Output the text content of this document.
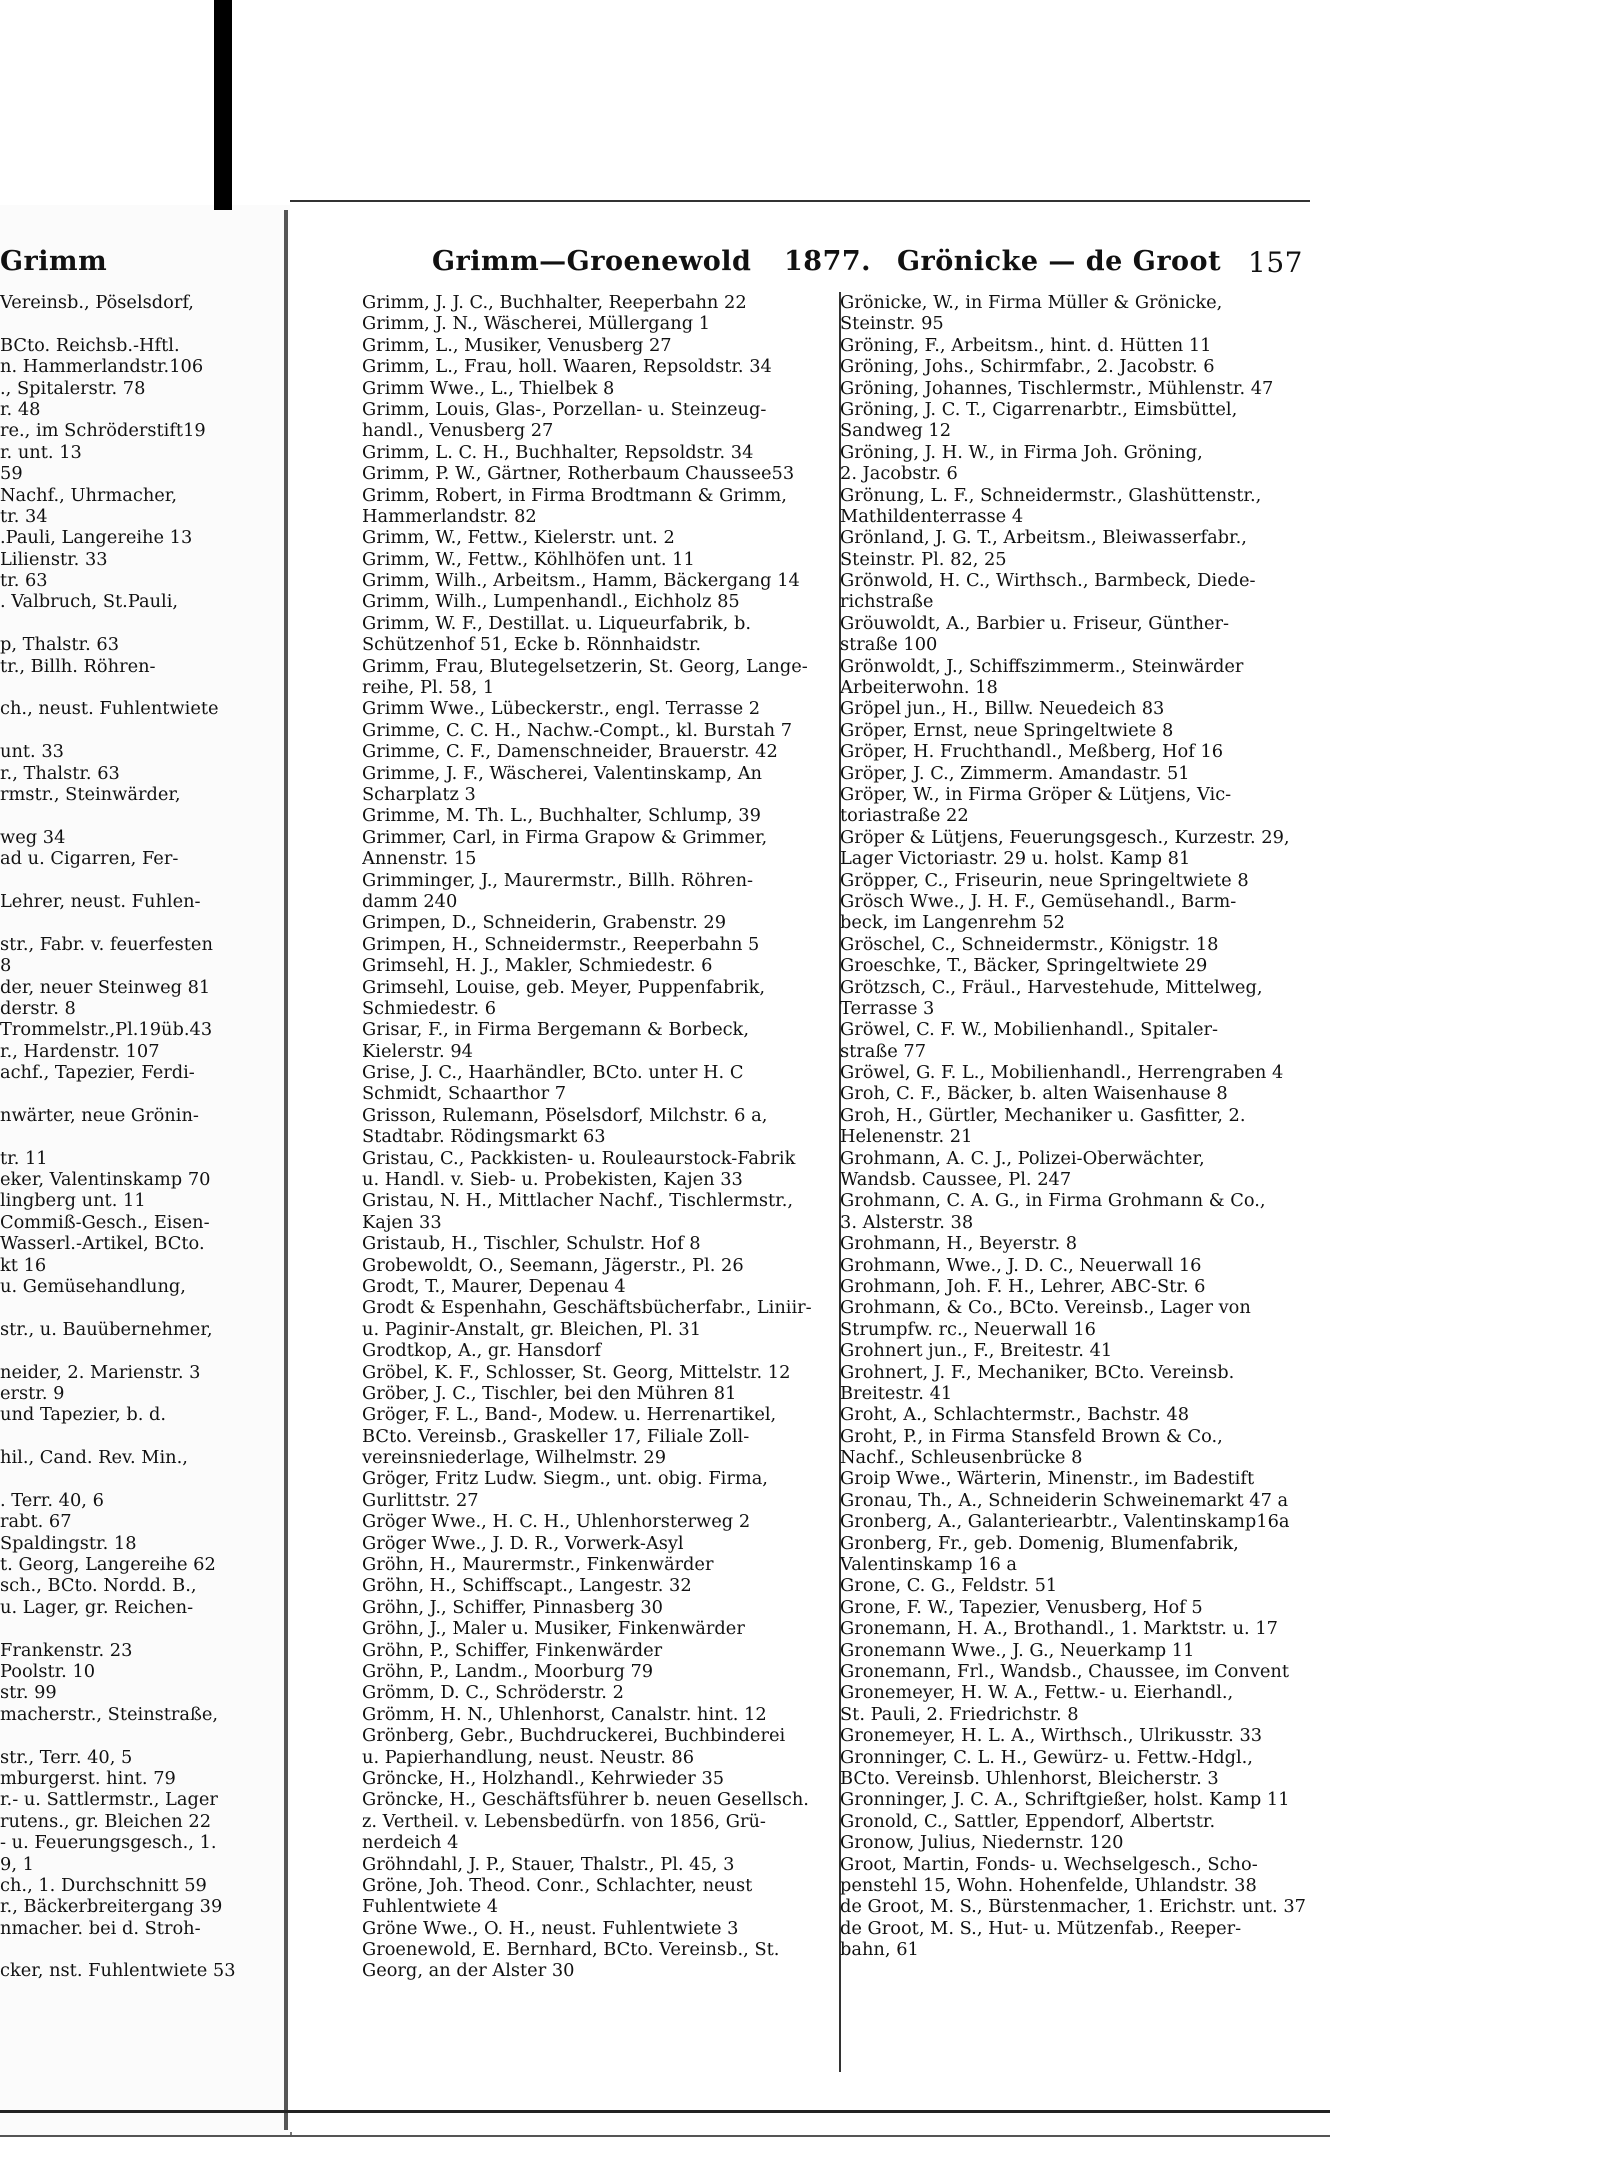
Grimm	Grimm—Groenewold 1877. Grönicke — de Groot 157
Vereinsb., Pöselsdorf,
BCto. Reichsb.-Hftl.
n. Hammerlandstr.106
., Spitalerstr. 78
r. 48
re., im Schröderstift19
r. unt. 13
59
Nachf., Uhrmacher,
tr. 34
.Pauli, Langereihe 13
Lilienstr. 33
tr. 63
. Valbruch, St.Pauli,
p, Thalstr. 63
tr., Billh. Röhren-
ch., neust. Fuhlentwiete
unt. 33
r., Thalstr. 63
rmstr., Steinwärder,
weg 34
ad u. Cigarren, Fer-
Lehrer, neust. Fuhlen-
str., Fabr. v. feuerfesten
8
der, neuer Steinweg 81
derstr. 8
Trommelstr.,Pl.19üb.43
r., Hardenstr. 107
achf., Tapezier, Ferdi-
nwärter, neue Grönin-
tr. 11
eker, Valentinskamp 70
lingberg unt. 11
Commiß-Gesch., Eisen-
Wasserl.-Artikel, BCto.
kt 16
u. Gemüsehandlung,
str., u. Bauübernehmer,
neider, 2. Marienstr. 3
erstr. 9
und Tapezier, b. d.
hil., Cand. Rev. Min.,
. Terr. 40, 6
rabt. 67
Spaldingstr. 18
t. Georg, Langereihe 62
sch., BCto. Nordd. B.,
u. Lager, gr. Reichen-
Frankenstr. 23
Poolstr. 10
str. 99
macherstr., Steinstraße,
str., Terr. 40, 5
mburgerst. hint. 79
r.- u. Sattlermstr., Lager
rutens., gr. Bleichen 22
- u. Feuerungsgesch., 1.
9, 1
ch., 1. Durchschnitt 59
r., Bäckerbreitergang 39
nmacher. bei d. Stroh-
cker, nst. Fuhlentwiete 53
Grimm, J. J. C., Buchhalter, Reeperbahn 22
Grimm, J. N., Wäscherei, Müllergang 1
Grimm, L., Musiker, Venusberg 27
Grimm, L., Frau, holl. Waaren, Repsoldstr. 34
Grimm Wwe., L., Thielbek 8
Grimm, Louis, Glas-, Porzellan- u. Steinzeug-
handl., Venusberg 27
Grimm, L. C. H., Buchhalter, Repsoldstr. 34
Grimm, P. W., Gärtner, Rotherbaum Chaussee53
Grimm, Robert, in Firma Brodtmann & Grimm,
Hammerlandstr. 82
Grimm, W., Fettw., Kielerstr. unt. 2
Grimm, W., Fettw., Köhlhöfen unt. 11
Grimm, Wilh., Arbeitsm., Hamm, Bäckergang 14
Grimm, Wilh., Lumpenhandl., Eichholz 85
Grimm, W. F., Destillat. u. Liqueurfabrik, b.
Schützenhof 51, Ecke b. Rönnhaidstr.
Grimm, Frau, Blutegelsetzerin, St. Georg, Lange-
reihe, Pl. 58, 1
Grimm Wwe., Lübeckerstr., engl. Terrasse 2
Grimme, C. C. H., Nachw.-Compt., kl. Burstah 7
Grimme, C. F., Damenschneider, Brauerstr. 42
Grimme, J. F., Wäscherei, Valentinskamp, An
Scharplatz 3
Grimme, M. Th. L., Buchhalter, Schlump, 39
Grimmer, Carl, in Firma Grapow & Grimmer,
Annenstr. 15
Grimminger, J., Maurermstr., Billh. Röhren-
damm 240
Grimpen, D., Schneiderin, Grabenstr. 29
Grimpen, H., Schneidermstr., Reeperbahn 5
Grimsehl, H. J., Makler, Schmiedestr. 6
Grimsehl, Louise, geb. Meyer, Puppenfabrik,
Schmiedestr. 6
Grisar, F., in Firma Bergemann & Borbeck,
Kielerstr. 94
Grise, J. C., Haarhändler, BCto. unter H. C
Schmidt, Schaarthor 7
Grisson, Rulemann, Pöselsdorf, Milchstr. 6 a,
Stadtabr. Rödingsmarkt 63
Gristau, C., Packkisten- u. Rouleaurstock-Fabrik
u. Handl. v. Sieb- u. Probekisten, Kajen 33
Gristau, N. H., Mittlacher Nachf., Tischlermstr.,
Kajen 33
Gristaub, H., Tischler, Schulstr. Hof 8
Grobewoldt, O., Seemann, Jägerstr., Pl. 26
Grodt, T., Maurer, Depenau 4
Grodt & Espenhahn, Geschäftsbücherfabr., Liniir-
u. Paginir-Anstalt, gr. Bleichen, Pl. 31
Grodtkop, A., gr. Hansdorf
Gröbel, K. F., Schlosser, St. Georg, Mittelstr. 12
Gröber, J. C., Tischler, bei den Mühren 81
Gröger, F. L., Band-, Modew. u. Herrenartikel,
BCto. Vereinsb., Graskeller 17, Filiale Zoll-
vereinsniederlage, Wilhelmstr. 29
Gröger, Fritz Ludw. Siegm., unt. obig. Firma,
Gurlittstr. 27
Gröger Wwe., H. C. H., Uhlenhorsterweg 2
Gröger Wwe., J. D. R., Vorwerk-Asyl
Gröhn, H., Maurermstr., Finkenwärder
Gröhn, H., Schiffscapt., Langestr. 32
Gröhn, J., Schiffer, Pinnasberg 30
Gröhn, J., Maler u. Musiker, Finkenwärder
Gröhn, P., Schiffer, Finkenwärder
Gröhn, P., Landm., Moorburg 79
Grömm, D. C., Schröderstr. 2
Grömm, H. N., Uhlenhorst, Canalstr. hint. 12
Grönberg, Gebr., Buchdruckerei, Buchbinderei
u. Papierhandlung, neust. Neustr. 86
Gröncke, H., Holzhandl., Kehrwieder 35
Gröncke, H., Geschäftsführer b. neuen Gesellsch.
z. Vertheil. v. Lebensbedürfn. von 1856, Grü-
nerdeich 4
Gröhndahl, J. P., Stauer, Thalstr., Pl. 45, 3
Gröne, Joh. Theod. Conr., Schlachter, neust
Fuhlentwiete 4
Gröne Wwe., O. H., neust. Fuhlentwiete 3
Groenewold, E. Bernhard, BCto. Vereinsb., St.
Georg, an der Alster 30
Grönicke, W., in Firma Müller & Grönicke,
Steinstr. 95
Gröning, F., Arbeitsm., hint. d. Hütten 11
Gröning, Johs., Schirmfabr., 2. Jacobstr. 6
Gröning, Johannes, Tischlermstr., Mühlenstr. 47
Gröning, J. C. T., Cigarrenarbtr., Eimsbüttel,
Sandweg 12
Gröning, J. H. W., in Firma Joh. Gröning,
2. Jacobstr. 6
Grönung, L. F., Schneidermstr., Glashüttenstr.,
Mathildenterrasse 4
Grönland, J. G. T., Arbeitsm., Bleiwasserfabr.,
Steinstr. Pl. 82, 25
Grönwold, H. C., Wirthsch., Barmbeck, Diede-
richstraße
Gröuwoldt, A., Barbier u. Friseur, Günther-
straße 100
Grönwoldt, J., Schiffszimmerm., Steinwärder
Arbeiterwohn. 18
Gröpel jun., H., Billw. Neuedeich 83
Gröper, Ernst, neue Springeltwiete 8
Gröper, H. Fruchthandl., Meßberg, Hof 16
Gröper, J. C., Zimmerm. Amandastr. 51
Gröper, W., in Firma Gröper & Lütjens, Vic-
toriastraße 22
Gröper & Lütjens, Feuerungsgesch., Kurzestr. 29,
Lager Victoriastr. 29 u. holst. Kamp 81
Gröpper, C., Friseurin, neue Springeltwiete 8
Grösch Wwe., J. H. F., Gemüsehandl., Barm-
beck, im Langenrehm 52
Gröschel, C., Schneidermstr., Königstr. 18
Groeschke, T., Bäcker, Springeltwiete 29
Grötzsch, C., Fräul., Harvestehude, Mittelweg,
Terrasse 3
Gröwel, C. F. W., Mobilienhandl., Spitaler-
straße 77
Gröwel, G. F. L., Mobilienhandl., Herrengraben 4
Groh, C. F., Bäcker, b. alten Waisenhause 8
Groh, H., Gürtler, Mechaniker u. Gasfitter, 2.
Helenenstr. 21
Grohmann, A. C. J., Polizei-Oberwächter,
Wandsb. Caussee, Pl. 247
Grohmann, C. A. G., in Firma Grohmann & Co.,
3. Alsterstr. 38
Grohmann, H., Beyerstr. 8
Grohmann, Wwe., J. D. C., Neuerwall 16
Grohmann, Joh. F. H., Lehrer, ABC-Str. 6
Grohmann, & Co., BCto. Vereinsb., Lager von
Strumpfw. rc., Neuerwall 16
Grohnert jun., F., Breitestr. 41
Grohnert, J. F., Mechaniker, BCto. Vereinsb.
Breitestr. 41
Groht, A., Schlachtermstr., Bachstr. 48
Groht, P., in Firma Stansfeld Brown & Co.,
Nachf., Schleusenbrücke 8
Groip Wwe., Wärterin, Minenstr., im Badestift
Gronau, Th., A., Schneiderin Schweinemarkt 47 a
Gronberg, A., Galanteriearbtr., Valentinskamp16a
Gronberg, Fr., geb. Domenig, Blumenfabrik,
Valentinskamp 16 a
Grone, C. G., Feldstr. 51
Grone, F. W., Tapezier, Venusberg, Hof 5
Gronemann, H. A., Brothandl., 1. Marktstr. u. 17
Gronemann Wwe., J. G., Neuerkamp 11
Gronemann, Frl., Wandsb., Chaussee, im Convent
Gronemeyer, H. W. A., Fettw.- u. Eierhandl.,
St. Pauli, 2. Friedrichstr. 8
Gronemeyer, H. L. A., Wirthsch., Ulrikusstr. 33
Gronninger, C. L. H., Gewürz- u. Fettw.-Hdgl.,
BCto. Vereinsb. Uhlenhorst, Bleicherstr. 3
Gronninger, J. C. A., Schriftgießer, holst. Kamp 11
Gronold, C., Sattler, Eppendorf, Albertstr.
Gronow, Julius, Niedernstr. 120
Groot, Martin, Fonds- u. Wechselgesch., Scho-
penstehl 15, Wohn. Hohenfelde, Uhlandstr. 38
de Groot, M. S., Bürstenmacher, 1. Erichstr. unt. 37
de Groot, M. S., Hut- u. Mützenfab., Reeper-
bahn, 61
